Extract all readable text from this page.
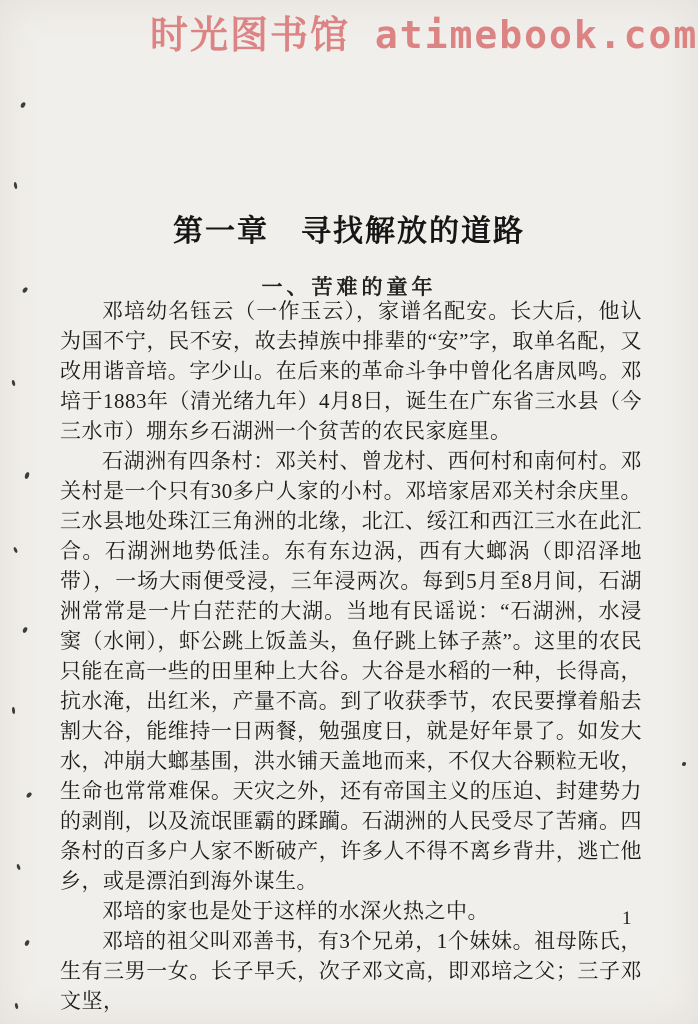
时光图书馆 atimebook.com
第一章　寻找解放的道路
一、苦难的童年

邓培幼名钰云（一作玉云），家谱名配安。长大后，他认为国不宁，民不安，故去掉族中排辈的“安”字，取单名配，又改用谐音培。字少山。在后来的革命斗争中曾化名唐凤鸣。邓培于1883年（清光绪九年）4月8日，诞生在广东省三水县（今三水市）堋东乡石湖洲一个贫苦的农民家庭里。

石湖洲有四条村：邓关村、曾龙村、西何村和南何村。邓关村是一个只有30多户人家的小村。邓培家居邓关村余庆里。三水县地处珠江三角洲的北缘，北江、绥江和西江三水在此汇合。石湖洲地势低洼。东有东边涡，西有大螂涡（即沼泽地带），一场大雨便受浸，三年浸两次。每到5月至8月间，石湖洲常常是一片白茫茫的大湖。当地有民谣说：“石湖洲，水浸窦（水闸），虾公跳上饭盖头，鱼仔跳上钵子蒸”。这里的农民只能在高一些的田里种上大谷。大谷是水稻的一种，长得高，抗水淹，出红米，产量不高。到了收获季节，农民要撑着船去割大谷，能维持一日两餐，勉强度日，就是好年景了。如发大水，冲崩大螂基围，洪水铺天盖地而来，不仅大谷颗粒无收，生命也常常难保。天灾之外，还有帝国主义的压迫、封建势力的剥削，以及流氓匪霸的蹂躏。石湖洲的人民受尽了苦痛。四条村的百多户人家不断破产，许多人不得不离乡背井，逃亡他乡，或是漂泊到海外谋生。

邓培的家也是处于这样的水深火热之中。

邓培的祖父叫邓善书，有3个兄弟，1个妹妹。祖母陈氏，生有三男一女。长子早夭，次子邓文高，即邓培之父；三子邓文坚，

1
